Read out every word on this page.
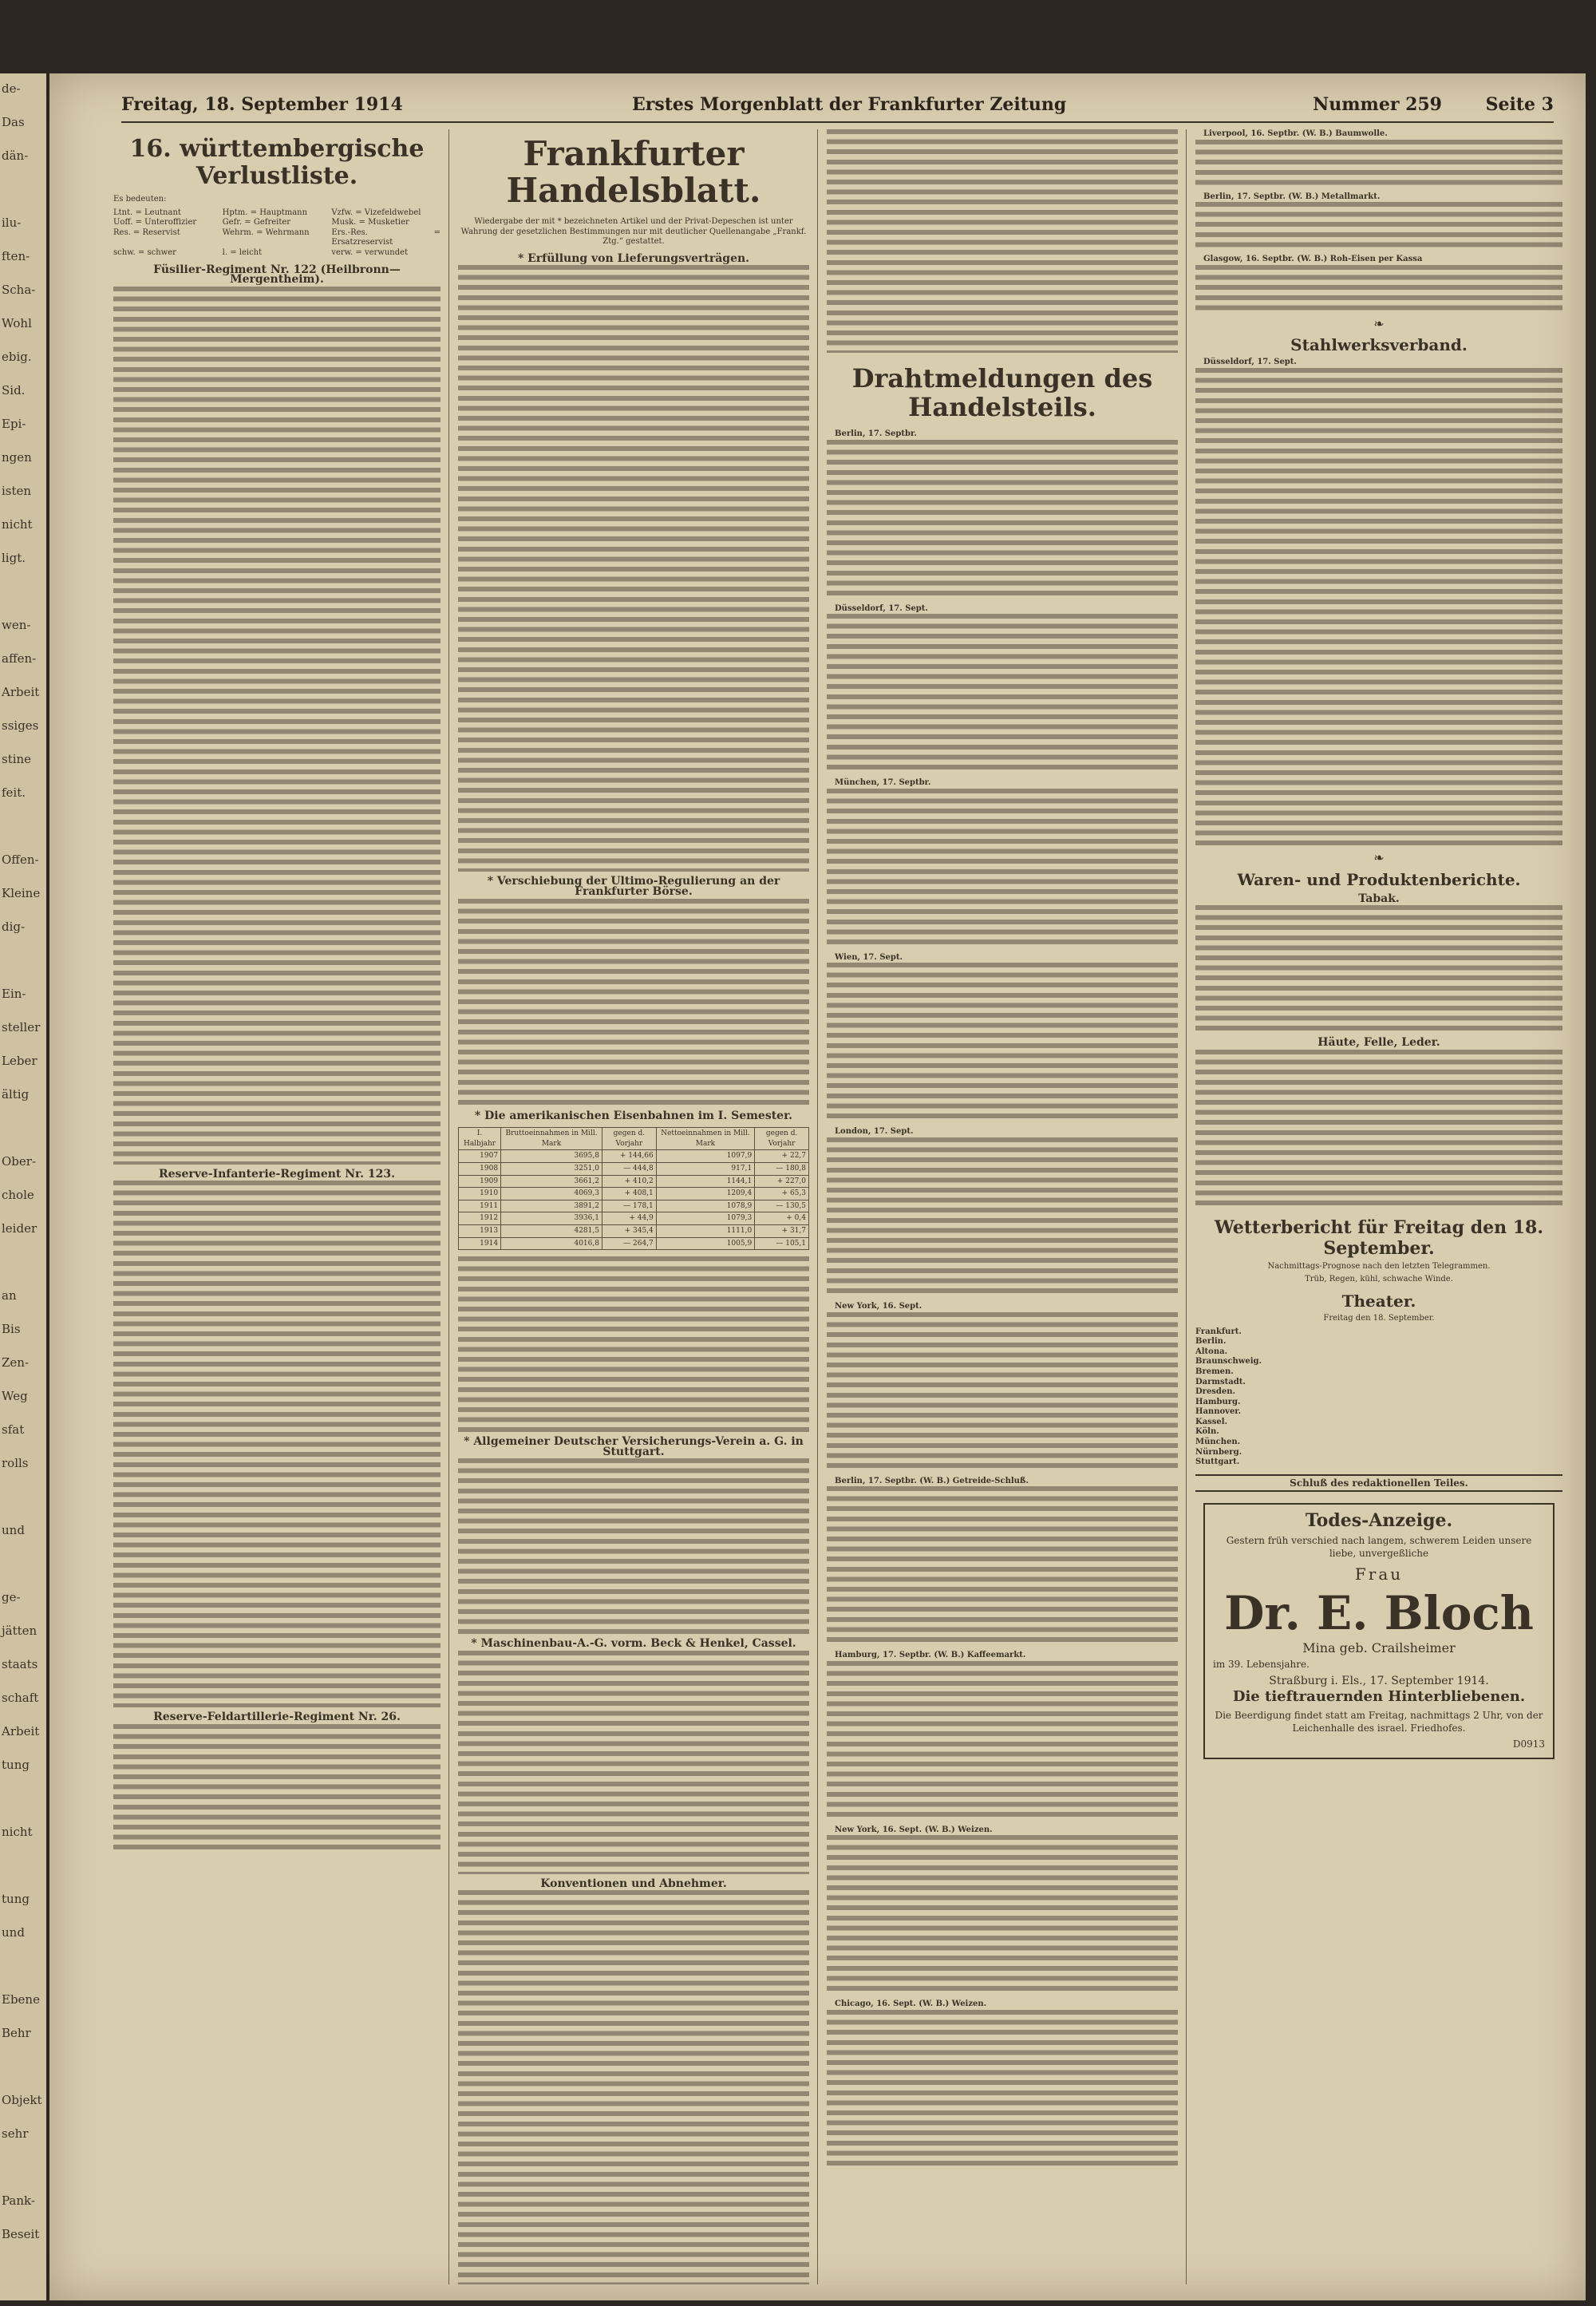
de-
Das
dän-
ilu-
ften-
Scha-
Wohl
ebig.
Sid.
Epi-
ngen
isten
nicht
ligt.
wen-
affen-
Arbeit
ssiges
stine
feit.
Offen-
Kleine
dig-
Ein-
steller
Leber
ältig
Ober-
chole
leider
an
Bis
Zen-
Weg
sfat
rolls
und
ge-
jätten
staats
schaft
Arbeit
tung
nicht
tung
und
Ebene
Behr
Objekt
sehr
Pank-
Beseit
Freitag, 18. September 1914	Erstes Morgenblatt der Frankfurter Zeitung	Nummer 259 Seite 3
16. württembergische Verlustliste.
Es bedeuten:
Ltnt. = Leutnant	Hptm. = Hauptmann	Vzfw. = Vizefeldwebel
Uoff. = Unteroffizier	Gefr. = Gefreiter	Musk. = Musketier
Res. = Reservist	Wehrm. = Wehrmann	Ers.-Res. = Ersatzreservist
schw. = schwer	l. = leicht	verw. = verwundet
Füsilier-Regiment Nr. 122 (Heilbronn—Mergentheim).
Reserve-Infanterie-Regiment Nr. 123.
Reserve-Feldartillerie-Regiment Nr. 26.
Frankfurter Handelsblatt.
Wiedergabe der mit * bezeichneten Artikel und der Privat-Depeschen ist unter Wahrung der gesetzlichen Bestimmungen nur mit deutlicher Quellenangabe „Frankf. Ztg.“ gestattet.
* Erfüllung von Lieferungsverträgen.
* Verschiebung der Ultimo-Regulierung an der Frankfurter Börse.
* Die amerikanischen Eisenbahnen im I. Semester.
I. Halbjahr	Bruttoeinnahmen in Mill. Mark	gegen d. Vorjahr	Nettoeinnahmen in Mill. Mark	gegen d. Vorjahr
1907	3695,8	+ 144,66	1097,9	+ 22,7
1908	3251,0	— 444,8	917,1	— 180,8
1909	3661,2	+ 410,2	1144,1	+ 227,0
1910	4069,3	+ 408,1	1209,4	+ 65,3
1911	3891,2	— 178,1	1078,9	— 130,5
1912	3936,1	+ 44,9	1079,3	+ 0,4
1913	4281,5	+ 345,4	1111,0	+ 31,7
1914	4016,8	— 264,7	1005,9	— 105,1
* Allgemeiner Deutscher Versicherungs-Verein a. G. in Stuttgart.
* Maschinenbau-A.-G. vorm. Beck & Henkel, Cassel.
Konventionen und Abnehmer.
Drahtmeldungen des Handelsteils.
Berlin, 17. Septbr.
Düsseldorf, 17. Sept.
München, 17. Septbr.
Wien, 17. Sept.
London, 17. Sept.
New York, 16. Sept.
Berlin, 17. Septbr. (W. B.) Getreide-Schluß.
Hamburg, 17. Septbr. (W. B.) Kaffeemarkt.
New York, 16. Sept. (W. B.) Weizen.
Chicago, 16. Sept. (W. B.) Weizen.
Liverpool, 16. Septbr. (W. B.) Baumwolle.
Berlin, 17. Septbr. (W. B.) Metallmarkt.
Glasgow, 16. Septbr. (W. B.) Roh-Eisen per Kassa
❧
Stahlwerksverband.
Düsseldorf, 17. Sept.
❧
Waren- und Produktenberichte.
Tabak.
Häute, Felle, Leder.
Wetterbericht für Freitag den 18. September.
Nachmittags-Prognose nach den letzten Telegrammen.
Trüb, Regen, kühl, schwache Winde.
Theater.
Freitag den 18. September.
Frankfurt.
Berlin.
Altona.
Braunschweig.
Bremen.
Darmstadt.
Dresden.
Hamburg.
Hannover.
Kassel.
Köln.
München.
Nürnberg.
Stuttgart.
Schluß des redaktionellen Teiles.
Todes-Anzeige.
Gestern früh verschied nach langem, schwerem Leiden unsere liebe, unvergeßliche
Frau
Dr. E. Bloch
Mina geb. Crailsheimer
im 39. Lebensjahre.
Straßburg i. Els., 17. September 1914.
Die tieftrauernden Hinterbliebenen.
Die Beerdigung findet statt am Freitag, nachmittags 2 Uhr, von der Leichenhalle des israel. Friedhofes.
D0913
